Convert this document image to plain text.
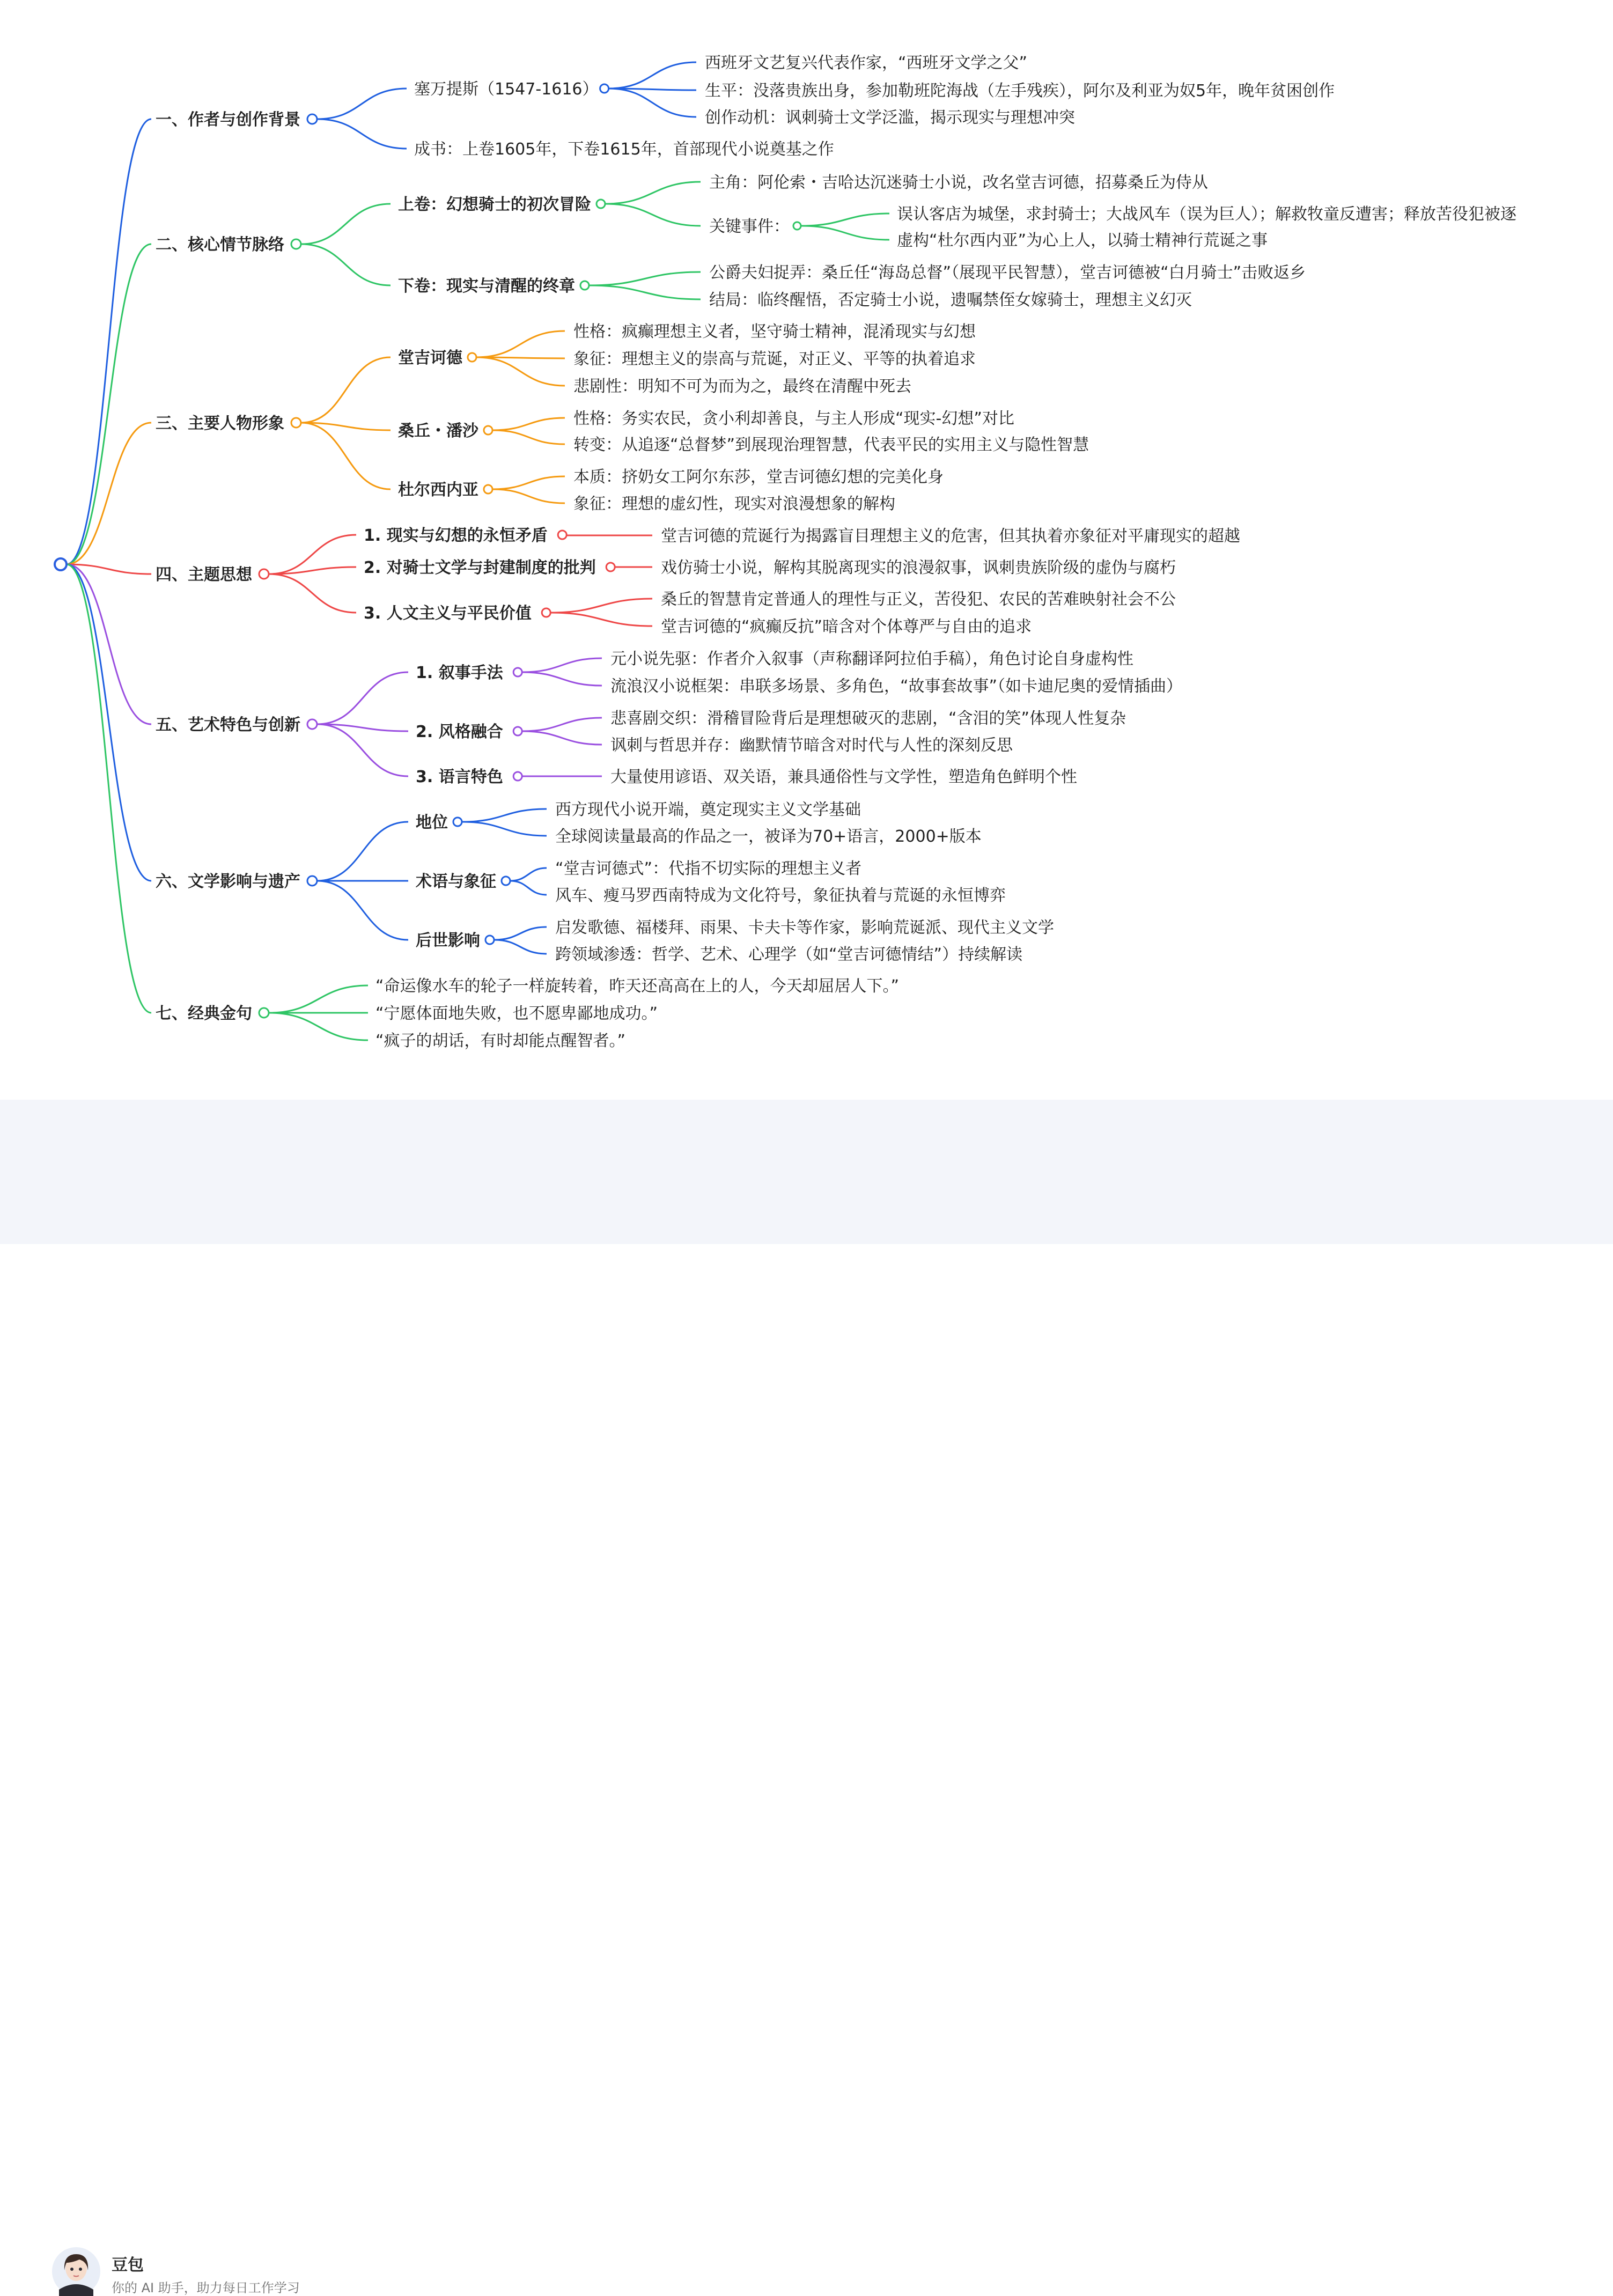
一、作者与创作背景
塞万提斯（1547-1616）
西班牙文艺复兴代表作家，“西班牙文学之父”
生平：没落贵族出身，参加勒班陀海战（左手残疾），阿尔及利亚为奴5年，晚年贫困创作
创作动机：讽刺骑士文学泛滥，揭示现实与理想冲突
成书：上卷1605年，下卷1615年，首部现代小说奠基之作
二、核心情节脉络
上卷：幻想骑士的初次冒险
主角：阿伦索・吉哈达沉迷骑士小说，改名堂吉诃德，招募桑丘为侍从
关键事件：
误认客店为城堡，求封骑士；大战风车（误为巨人）；解救牧童反遭害；释放苦役犯被逐
虚构“杜尔西内亚”为心上人，以骑士精神行荒诞之事
下卷：现实与清醒的终章
公爵夫妇捉弄：桑丘任“海岛总督”（展现平民智慧），堂吉诃德被“白月骑士”击败返乡
结局：临终醒悟，否定骑士小说，遗嘱禁侄女嫁骑士，理想主义幻灭
三、主要人物形象
堂吉诃德
性格：疯癫理想主义者，坚守骑士精神，混淆现实与幻想
象征：理想主义的崇高与荒诞，对正义、平等的执着追求
悲剧性：明知不可为而为之，最终在清醒中死去
桑丘・潘沙
性格：务实农民，贪小利却善良，与主人形成“现实-幻想”对比
转变：从追逐“总督梦”到展现治理智慧，代表平民的实用主义与隐性智慧
杜尔西内亚
本质：挤奶女工阿尔东莎，堂吉诃德幻想的完美化身
象征：理想的虚幻性，现实对浪漫想象的解构
四、主题思想
1. 现实与幻想的永恒矛盾	堂吉诃德的荒诞行为揭露盲目理想主义的危害，但其执着亦象征对平庸现实的超越
2. 对骑士文学与封建制度的批判	戏仿骑士小说，解构其脱离现实的浪漫叙事，讽刺贵族阶级的虚伪与腐朽
3. 人文主义与平民价值
桑丘的智慧肯定普通人的理性与正义，苦役犯、农民的苦难映射社会不公
堂吉诃德的“疯癫反抗”暗含对个体尊严与自由的追求
五、艺术特色与创新
1. 叙事手法
元小说先驱：作者介入叙事（声称翻译阿拉伯手稿），角色讨论自身虚构性
流浪汉小说框架：串联多场景、多角色，“故事套故事”（如卡迪尼奥的爱情插曲）
2. 风格融合
悲喜剧交织：滑稽冒险背后是理想破灭的悲剧，“含泪的笑”体现人性复杂
讽刺与哲思并存：幽默情节暗含对时代与人性的深刻反思
3. 语言特色	大量使用谚语、双关语，兼具通俗性与文学性，塑造角色鲜明个性
六、文学影响与遗产
地位
西方现代小说开端，奠定现实主义文学基础
全球阅读量最高的作品之一，被译为70+语言，2000+版本
术语与象征
“堂吉诃德式”：代指不切实际的理想主义者
风车、瘦马罗西南特成为文化符号，象征执着与荒诞的永恒博弈
后世影响
启发歌德、福楼拜、雨果、卡夫卡等作家，影响荒诞派、现代主义文学
跨领域渗透：哲学、艺术、心理学（如“堂吉诃德情结”）持续解读
七、经典金句
“命运像水车的轮子一样旋转着，昨天还高高在上的人，今天却屈居人下。”
“宁愿体面地失败，也不愿卑鄙地成功。”
“疯子的胡话，有时却能点醒智者。”
豆包
你的 AI 助手，助力每日工作学习
